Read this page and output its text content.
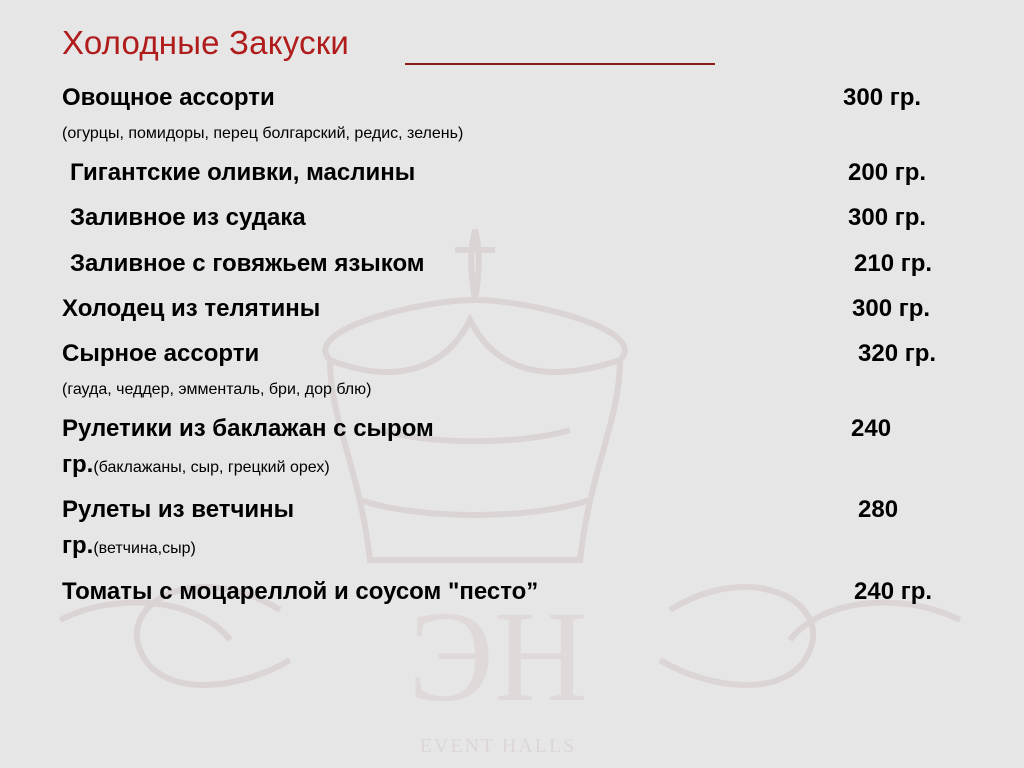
ЭH
EVENT HALLS
Холодные Закуски
Овощное ассорти	300 гр.
(огурцы, помидоры, перец болгарский, редис, зелень)
Гигантские оливки, маслины	200 гр.
Заливное из судака	300 гр.
Заливное с говяжьем языком	210 гр.
Холодец из телятины	300 гр.
Сырное ассорти	320 гр.
(гауда, чеддер, эмменталь, бри, дор блю)
Рулетики из баклажан с сыром	240
гр.(баклажаны, сыр, грецкий орех)
Рулеты из ветчины	280
гр.(ветчина,сыр)
Томаты с моцареллой и соусом "песто”	240 гр.
